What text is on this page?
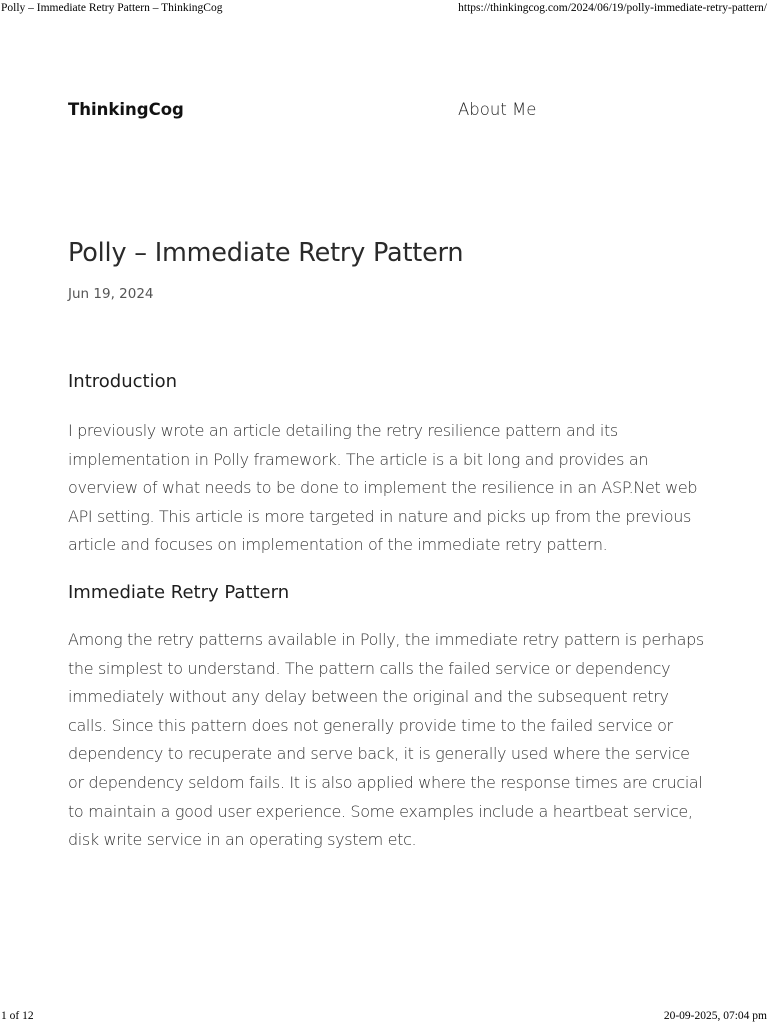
Polly – Immediate Retry Pattern – ThinkingCog	https://thinkingcog.com/2024/06/19/polly-immediate-retry-pattern/
ThinkingCog	About Me
Polly – Immediate Retry Pattern
Jun 19, 2024
Introduction

I previously wrote an article detailing the retry resilience pattern and its implementation in Polly framework. The article is a bit long and provides an overview of what needs to be done to implement the resilience in an ASP.Net web API setting. This article is more targeted in nature and picks up from the previous article and focuses on implementation of the immediate retry pattern.

Immediate Retry Pattern

Among the retry patterns available in Polly, the immediate retry pattern is perhaps the simplest to understand. The pattern calls the failed service or dependency immediately without any delay between the original and the subsequent retry calls. Since this pattern does not generally provide time to the failed service or dependency to recuperate and serve back, it is generally used where the service or dependency seldom fails. It is also applied where the response times are crucial to maintain a good user experience. Some examples include a heartbeat service, disk write service in an operating system etc.

1 of 12	20-09-2025, 07:04 pm
